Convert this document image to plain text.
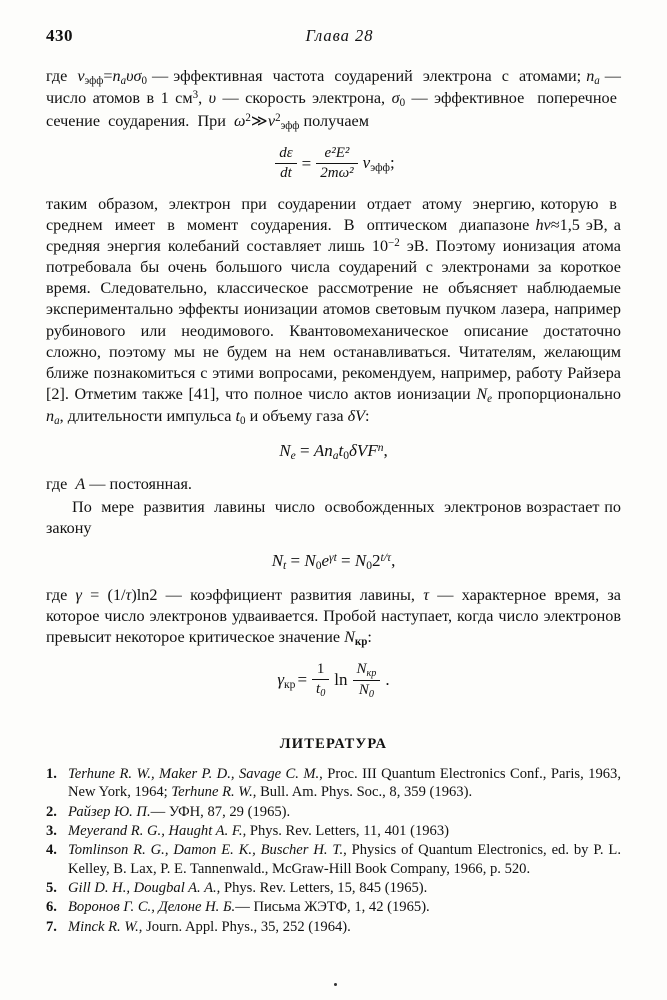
430	Глава 28

где  $\nu_{эфф}=n_a\upsilon\sigma_0$ — эффективная  частота  соударений  электрона  с  атомами; $n_a$ — число атомов в 1 $см^3$, υ — скорость электрона, $\sigma_0$ — эффективное  поперечное  сечение  соударения.  При  $\omega^2≫\nu^2_{эфф}$ получаем

$\frac{d\varepsilon}{dt} = \frac{\text{e²E²}}{\text{2mω²}} \nu_{эфф}$;

таким  образом,  электрон  при  соударении  отдает  атому  энергию, которую  в  среднем  имеет  в  момент  соударения.  В  оптическом  диапазоне hν≈1,5 эВ, а средняя энергия колебаний составляет лишь $10^{-2}$ эВ. Поэтому ионизация атома потребовала бы очень большого числа соударений с электронами за короткое время. Следовательно, классическое рассмотрение не объясняет наблюдаемые экспериментально эффекты ионизации атомов световым пучком лазера, например рубинового или неодимового. Квантовомеханическое описание достаточно сложно, поэтому мы не будем на нем останавливаться. Читателям, желающим ближе познакомиться с этими вопросами, рекомендуем, например, работу Райзера [2]. Отметим также [41], что полное число актов ионизации $N_e$ пропорционально $n_a$, длительности импульса $t_0$ и объему газа δV:

$N_e = An_at_0\delta VF^n$,

где  A — постоянная.

По  мере  развития  лавины  число  освобожденных  электронов возрастает по закону

$N_t = N_0e^{\gamma t} = N_02^{t/\tau}$,

где γ = (1/τ)ln2 — коэффициент развития лавины, τ — характерное время, за которое число электронов удваивается. Пробой наступает, когда число электронов превысит некоторое критическое значение $N_{кр}$:

$\gamma_{кр} = \frac{1}{t_0}$ $\ln \frac{N_{кр}}{N_0}$ .
ЛИТЕРАТУРА
1. Terhune R. W., Maker P. D., Savage C. M., Proc. III Quantum Electronics Conf., Paris, 1963, New York, 1964; Terhune R. W., Bull. Am. Phys. Soc., 8, 359 (1963).
2. Райзер Ю. П.— УФН, 87, 29 (1965).
3. Meyerand R. G., Haught A. F., Phys. Rev. Letters, 11, 401 (1963)
4. Tomlinson R. G., Damon E. K., Buscher H. T., Physics of Quantum Electronics, ed. by P. L. Kelley, B. Lax, P. E. Tannenwald., McGraw-Hill Book Company, 1966, p. 520.
5. Gill D. H., Dougbal A. A., Phys. Rev. Letters, 15, 845 (1965).
6. Воронов Г. С., Делоне Н. Б.— Письма ЖЭТФ, 1, 42 (1965).
7. Minck R. W., Journ. Appl. Phys., 35, 252 (1964).
